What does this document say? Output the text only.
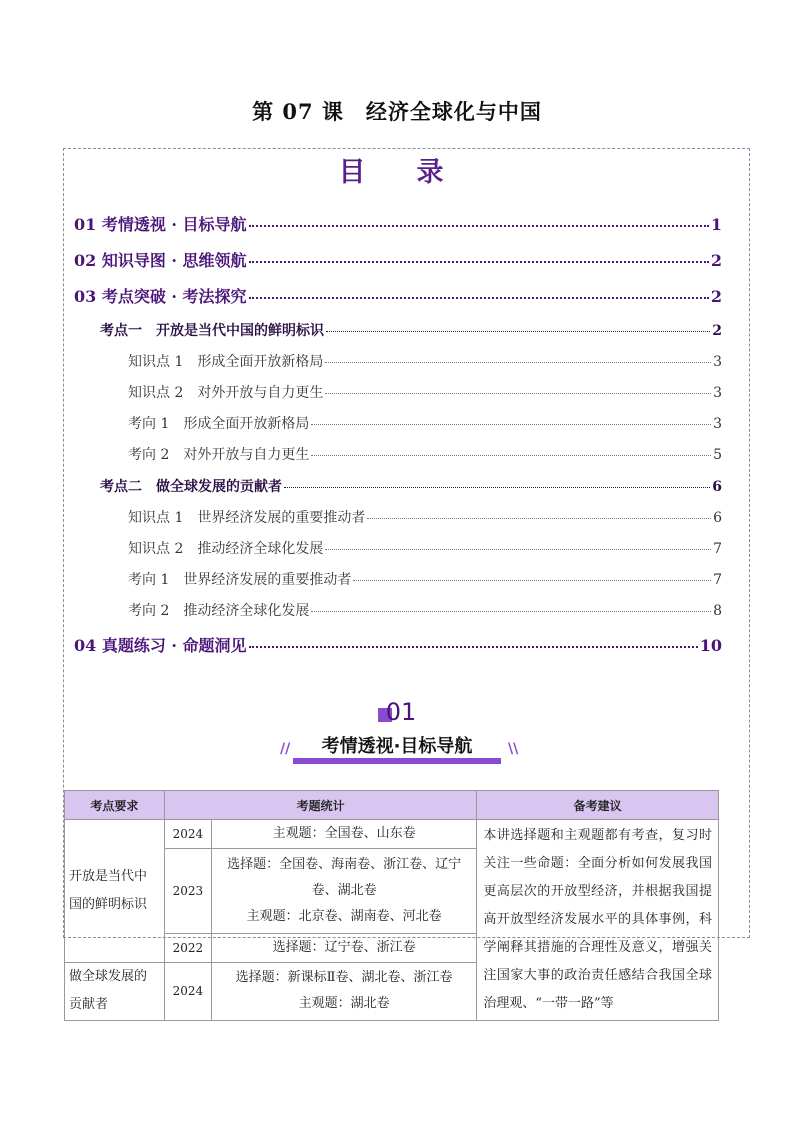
第 07 课　经济全球化与中国
目　录
01 考情透视 · 目标导航	1
02 知识导图 · 思维领航	2
03 考点突破 · 考法探究	2
考点一　开放是当代中国的鲜明标识	2
知识点 1　形成全面开放新格局	3
知识点 2　对外开放与自力更生	3
考向 1　形成全面开放新格局	3
考向 2　对外开放与自力更生	5
考点二　做全球发展的贡献者	6
知识点 1　世界经济发展的重要推动者	6
知识点 2　推动经济全球化发展	7
考向 1　世界经济发展的重要推动者	7
考向 2　推动经济全球化发展	8
04 真题练习 · 命题洞见	10
01
//	考情透视·目标导航	\\
考点要求	考题统计		备考建议
开放是当代中国的鲜明标识	2024	主观题：全国卷、山东卷	本讲选择题和主观题都有考查，复习时关注一些命题：全面分析如何发展我国更高层次的开放型经济，并根据我国提高开放型经济发展水平的具体事例，科学阐释其措施的合理性及意义，增强关注国家大事的政治责任感结合我国全球治理观、“一带一路”等
	2023	选择题：全国卷、海南卷、浙江卷、辽宁卷、湖北卷
主观题：北京卷、湖南卷、河北卷	

	2022	选择题：辽宁卷、浙江卷	
做全球发展的贡献者	2024	选择题：新课标Ⅱ卷、湖北卷、浙江卷
主观题：湖北卷	
